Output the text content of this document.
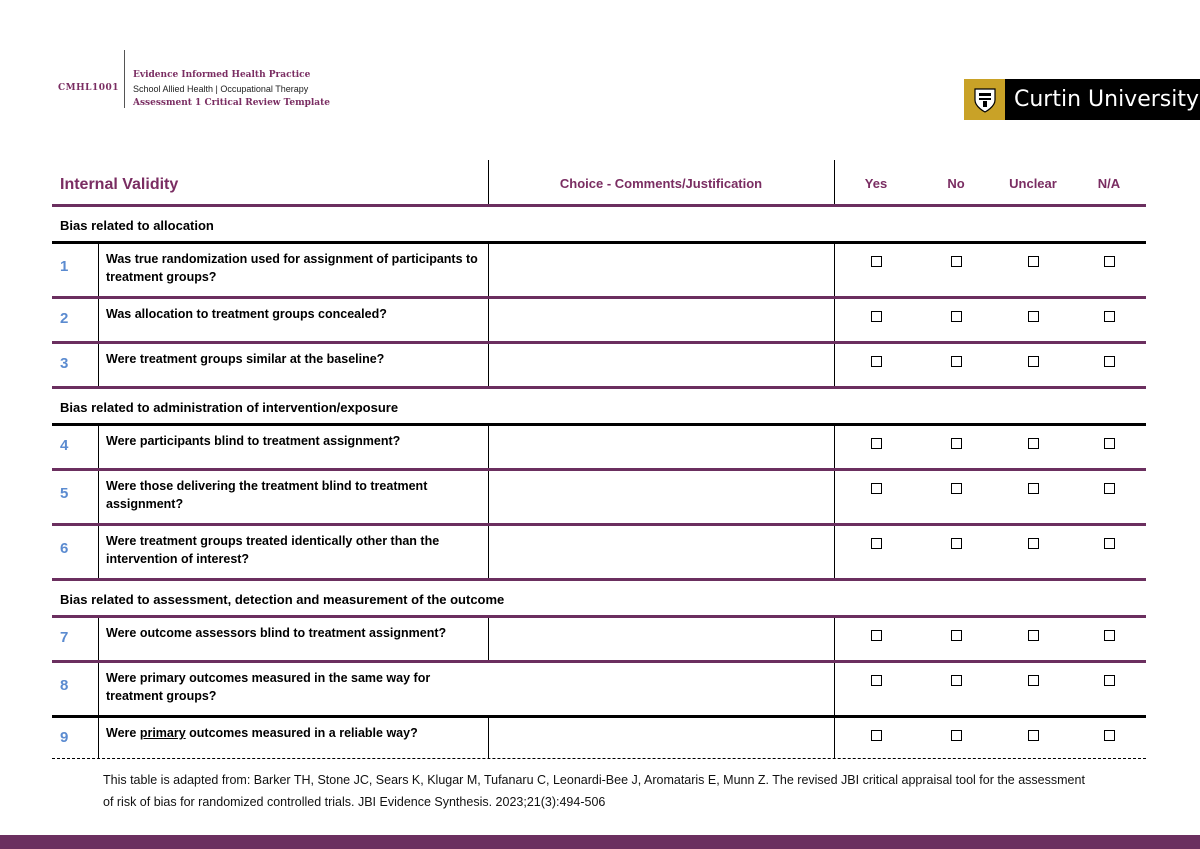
CMHL1001
Evidence Informed Health Practice
School Allied Health | Occupational Therapy
Assessment 1 Critical Review Template	Curtin University
Internal Validity	Choice - Comments/Justification	Yes	No	Unclear	N/A
Bias related to allocation
1	Was true randomization used for assignment of participants to treatment groups?
2	Was allocation to treatment groups concealed?
3	Were treatment groups similar at the baseline?
Bias related to administration of intervention/exposure
4	Were participants blind to treatment assignment?
5	Were those delivering the treatment blind to treatment assignment?
6	Were treatment groups treated identically other than the intervention of interest?
Bias related to assessment, detection and measurement of the outcome
7	Were outcome assessors blind to treatment assignment?
8	Were primary outcomes measured in the same way for treatment groups?
9	Were primary outcomes measured in a reliable way?
This table is adapted from: Barker TH, Stone JC, Sears K, Klugar M, Tufanaru C, Leonardi-Bee J, Aromataris E, Munn Z. The revised JBI critical appraisal tool for the assessment of risk of bias for randomized controlled trials. JBI Evidence Synthesis. 2023;21(3):494-506
